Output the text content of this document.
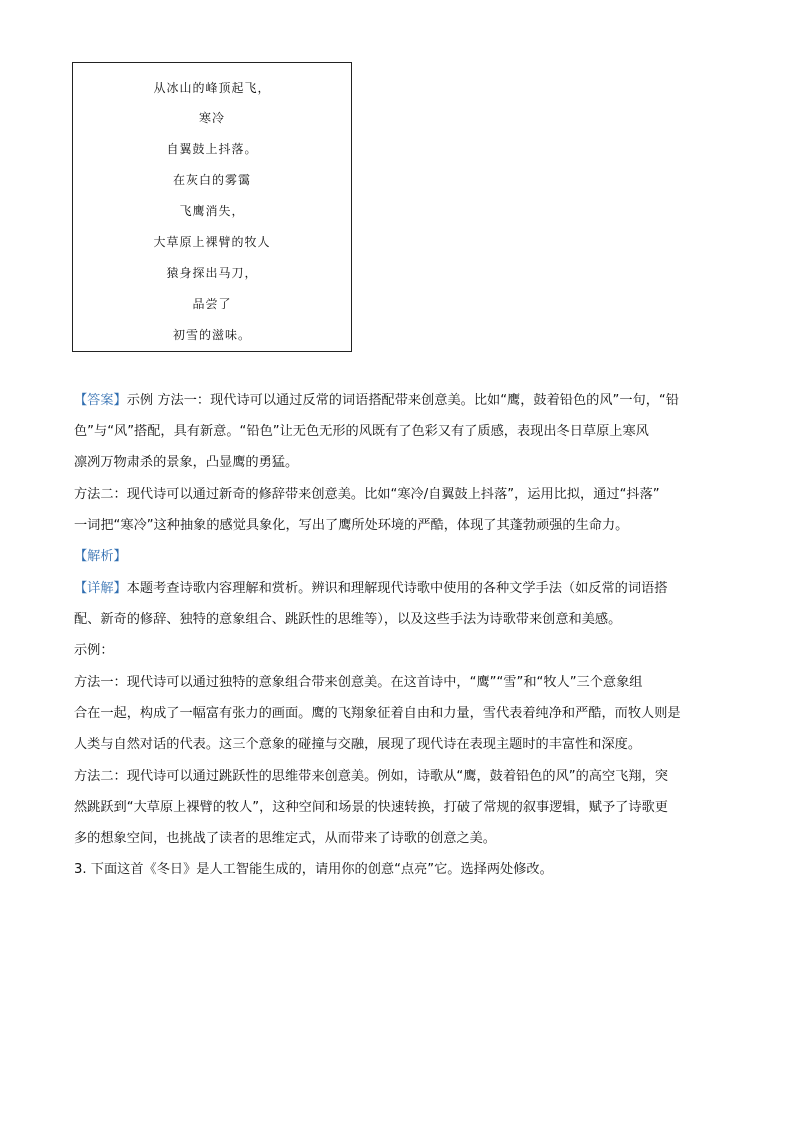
从冰山的峰顶起飞，
寒冷
自翼鼓上抖落。
在灰白的雾霭
飞鹰消失，
大草原上裸臂的牧人
猿身探出马刀，
品尝了
初雪的滋味。
【答案】示例 方法一：现代诗可以通过反常的词语搭配带来创意美。比如“鹰，鼓着铅色的风”一句，“铅
色”与“风”搭配，具有新意。“铅色”让无色无形的风既有了色彩又有了质感，表现出冬日草原上寒风
凛冽万物肃杀的景象，凸显鹰的勇猛。
方法二：现代诗可以通过新奇的修辞带来创意美。比如“寒冷/自翼鼓上抖落”，运用比拟，通过“抖落”
一词把“寒冷”这种抽象的感觉具象化，写出了鹰所处环境的严酷，体现了其蓬勃顽强的生命力。
【解析】
【详解】本题考查诗歌内容理解和赏析。辨识和理解现代诗歌中使用的各种文学手法（如反常的词语搭
配、新奇的修辞、独特的意象组合、跳跃性的思维等），以及这些手法为诗歌带来创意和美感。
示例：
方法一：现代诗可以通过独特的意象组合带来创意美。在这首诗中，“鹰”“雪”和“牧人”三个意象组
合在一起，构成了一幅富有张力的画面。鹰的飞翔象征着自由和力量，雪代表着纯净和严酷，而牧人则是
人类与自然对话的代表。这三个意象的碰撞与交融，展现了现代诗在表现主题时的丰富性和深度。
方法二：现代诗可以通过跳跃性的思维带来创意美。例如，诗歌从“鹰，鼓着铅色的风”的高空飞翔，突
然跳跃到“大草原上裸臂的牧人”，这种空间和场景的快速转换，打破了常规的叙事逻辑，赋予了诗歌更
多的想象空间，也挑战了读者的思维定式，从而带来了诗歌的创意之美。
3. 下面这首《冬日》是人工智能生成的，请用你的创意“点亮”它。选择两处修改。
